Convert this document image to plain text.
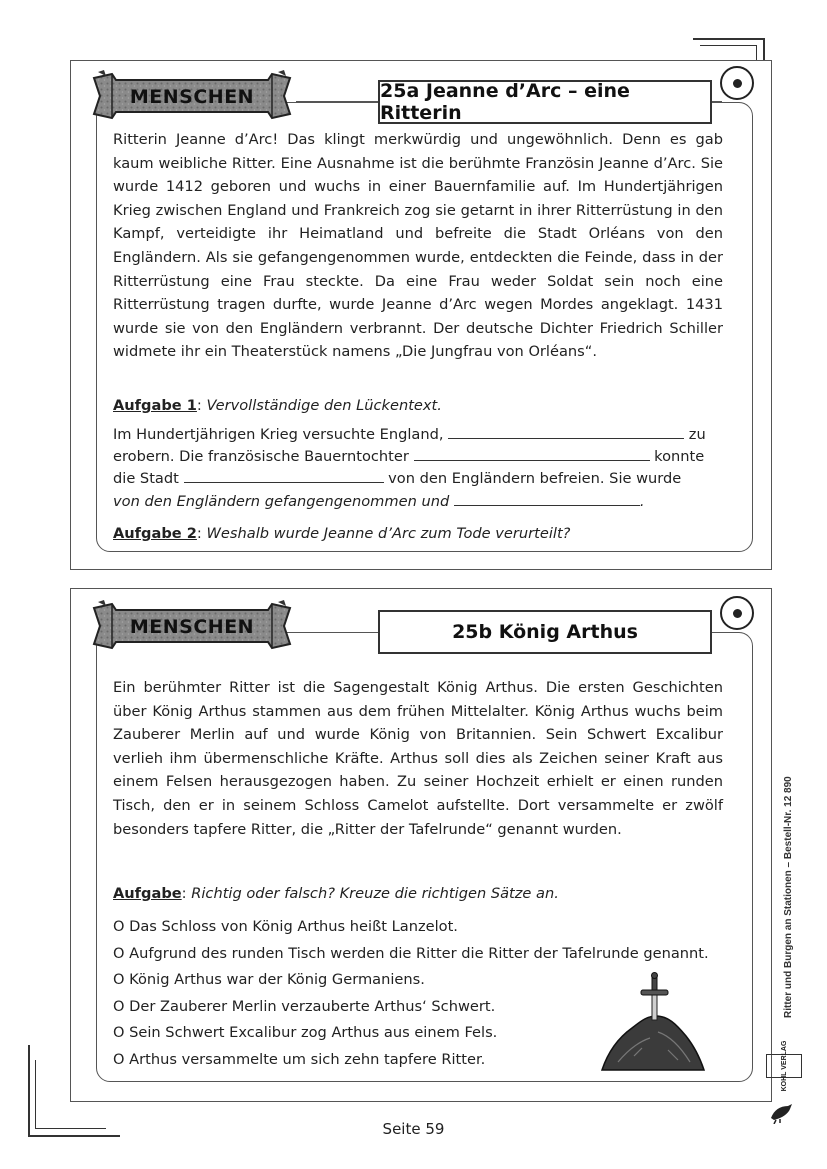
MENSCHEN	25a Jeanne d’Arc – eine Ritterin

Ritterin Jeanne d’Arc! Das klingt merkwürdig und ungewöhnlich. Denn es gab kaum weibliche Ritter. Eine Ausnahme ist die berühmte Französin Jeanne d’Arc. Sie wurde 1412 geboren und wuchs in einer Bauernfamilie auf. Im Hundertjährigen Krieg zwischen England und Frankreich zog sie getarnt in ihrer Ritterrüstung in den Kampf, verteidigte ihr Heimatland und befreite die Stadt Orléans von den Engländern. Als sie gefangengenommen wurde, entdeckten die Feinde, dass in der Ritterrüstung eine Frau steckte. Da eine Frau weder Soldat sein noch eine Ritterrüstung tragen durfte, wurde Jeanne d’Arc wegen Mordes angeklagt. 1431 wurde sie von den Engländern verbrannt. Der deutsche Dichter Friedrich Schiller widmete ihr ein Theaterstück namens „Die Jungfrau von Orléans“.

Aufgabe 1: Vervollständige den Lückentext.
Im Hundertjährigen Krieg versuchte England,	zu
erobern. Die französische Bauerntochter	konnte
die Stadt	von den Engländern befreien. Sie wurde
von den Engländern gefangengenommen und	.
Aufgabe 2: Weshalb wurde Jeanne d’Arc zum Tode verurteilt?
MENSCHEN	25b König Arthus

Ein berühmter Ritter ist die Sagengestalt König Arthus. Die ersten Geschichten über König Arthus stammen aus dem frühen Mittelalter. König Arthus wuchs beim Zauberer Merlin auf und wurde König von Britannien. Sein Schwert Excalibur verlieh ihm übermenschliche Kräfte. Arthus soll dies als Zeichen seiner Kraft aus einem Felsen herausgezogen haben. Zu seiner Hochzeit erhielt er einen runden Tisch, den er in seinem Schloss Camelot aufstellte. Dort versammelte er zwölf besonders tapfere Ritter, die „Ritter der Tafelrunde“ genannt wurden.

Aufgabe: Richtig oder falsch? Kreuze die richtigen Sätze an.
O Das Schloss von König Arthus heißt Lanzelot.
O Aufgrund des runden Tisch werden die Ritter die Ritter der Tafelrunde genannt.
O König Arthus war der König Germaniens.
O Der Zauberer Merlin verzauberte Arthus‘ Schwert.
O Sein Schwert Excalibur zog Arthus aus einem Fels.
O Arthus versammelte um sich zehn tapfere Ritter.
Ritter und Burgen an Stationen – Bestell-Nr. 12 890
KOHL VERLAG
Seite 59
